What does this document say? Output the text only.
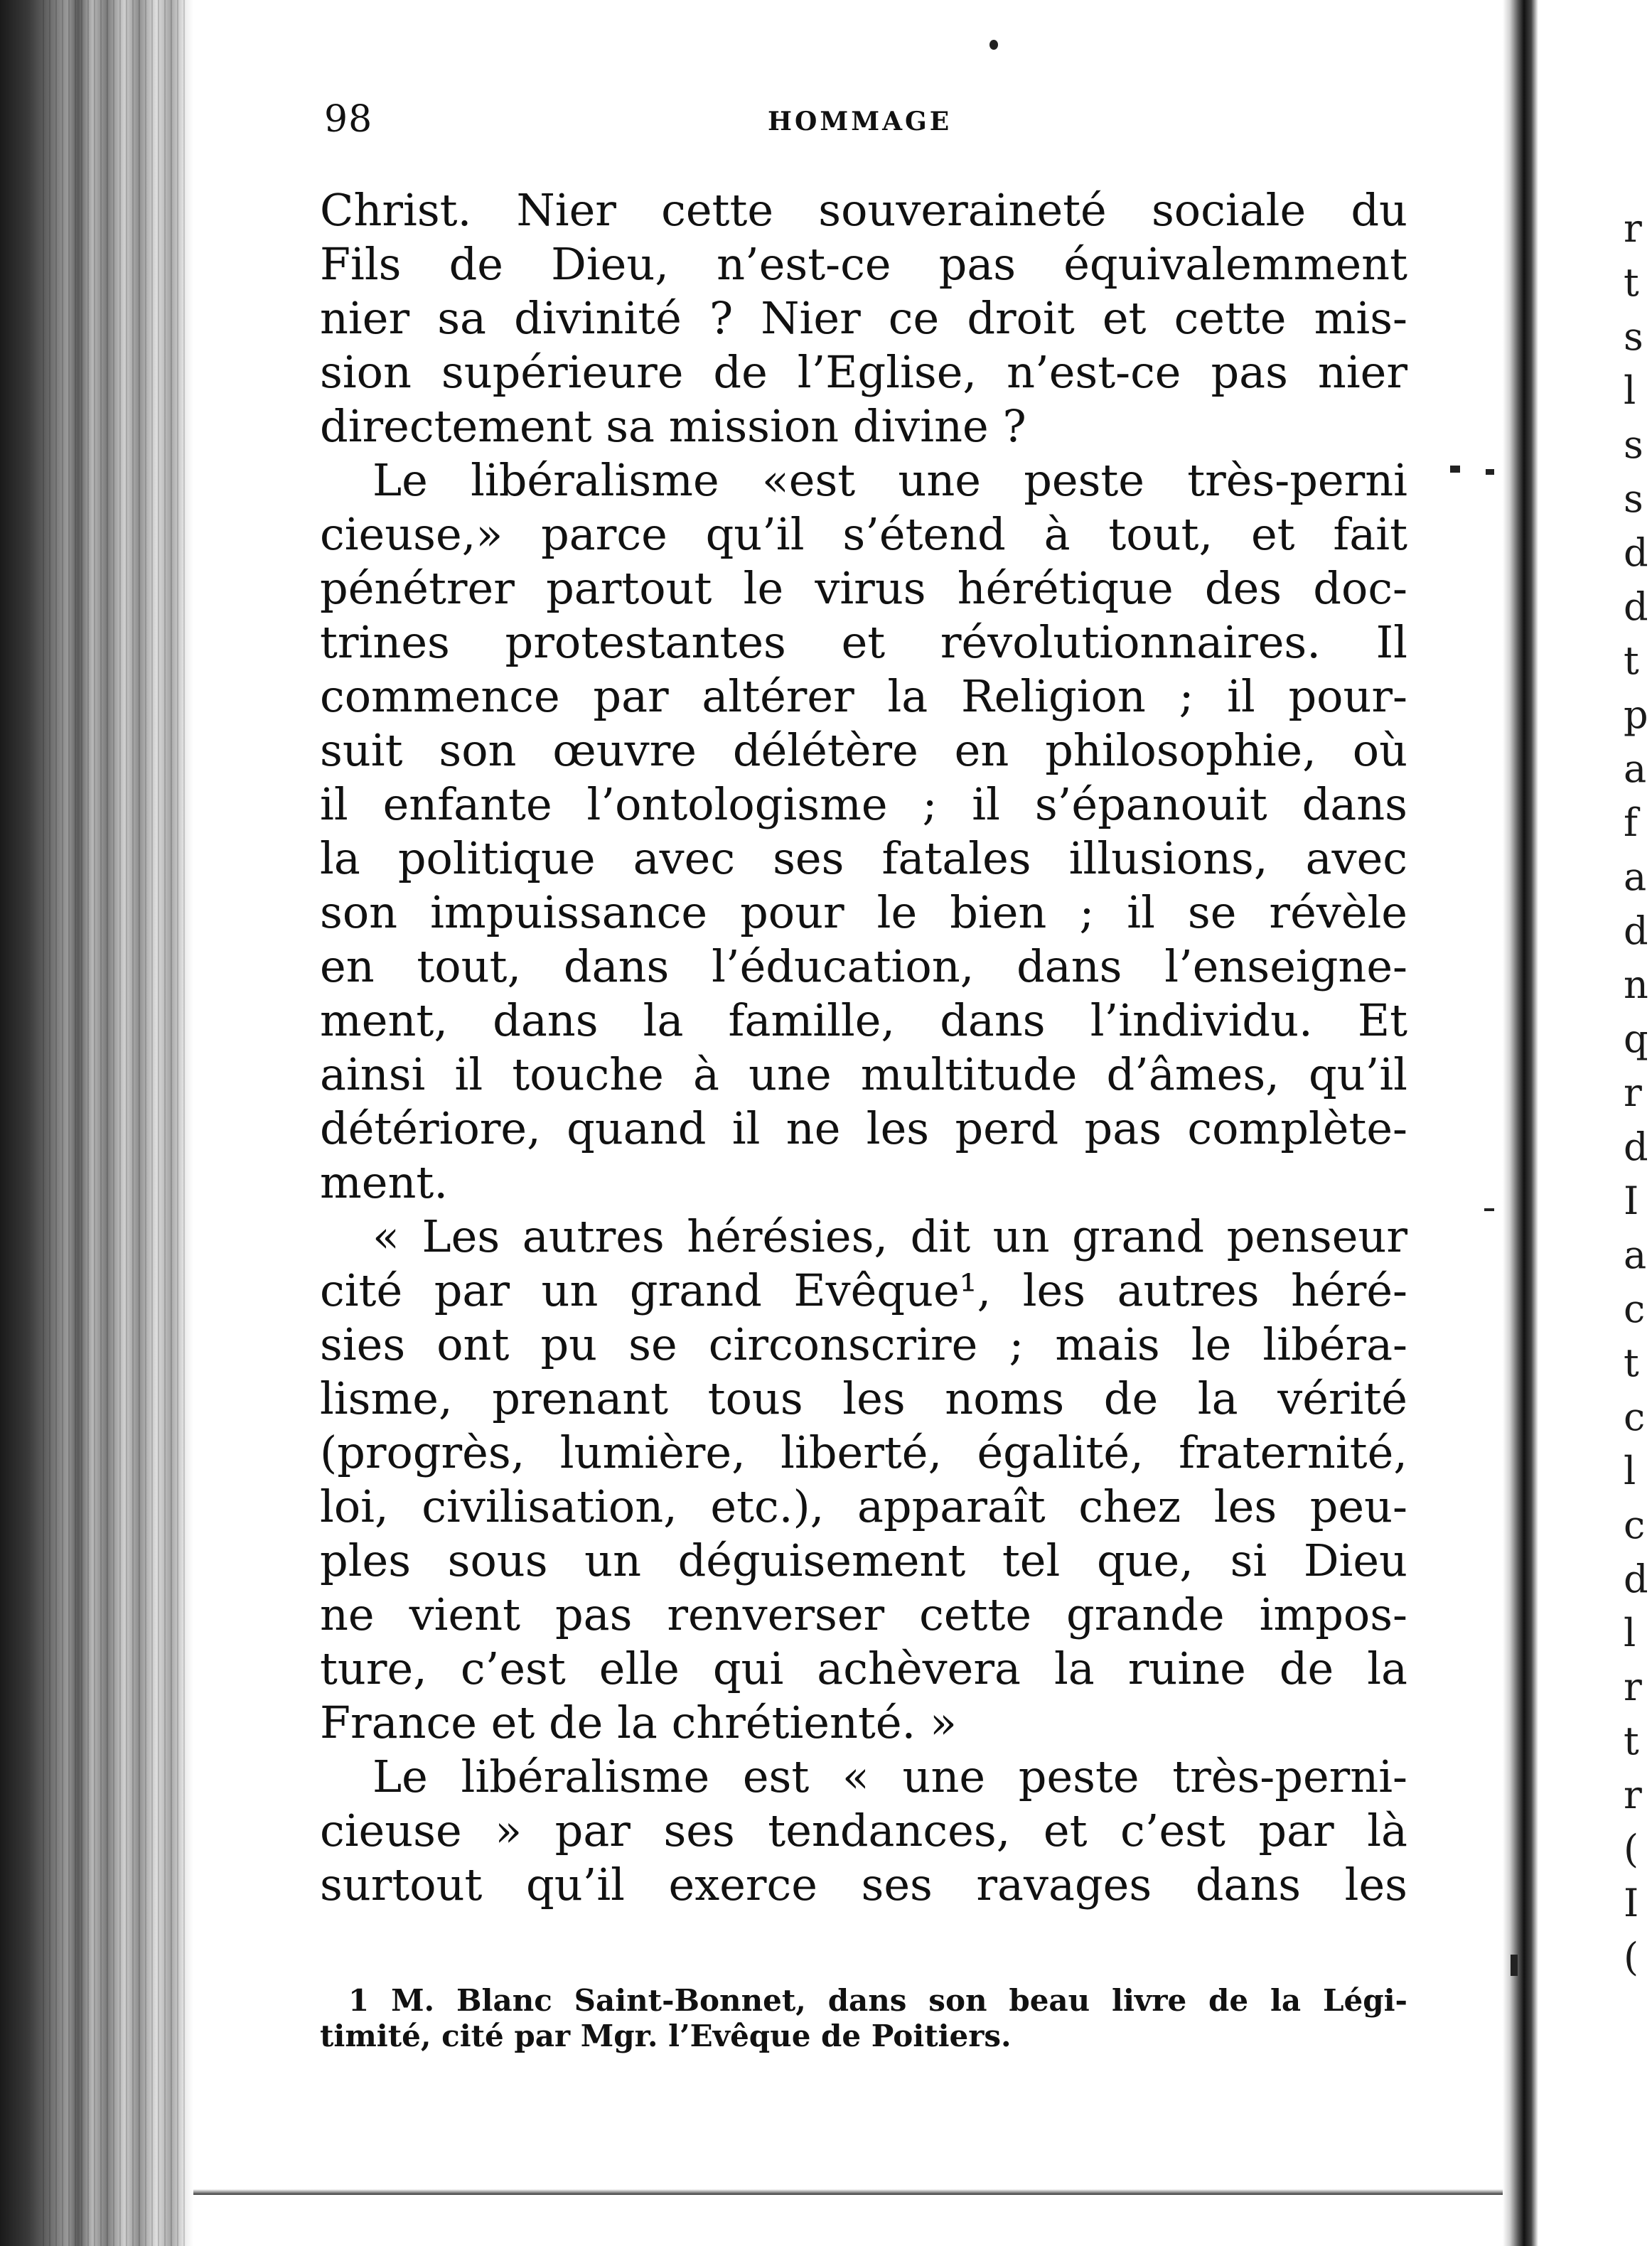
r
t
s
l
s
s
d
d
t
p
a
f
a
d
n
q
r
d
I
a
c
t
c
l
c
d
l
r
t
r
(
I
(
98	HOMMAGE
Christ. Nier cette souveraineté sociale du
Fils de Dieu, n’est-ce pas équivalemment
nier sa divinité ? Nier ce droit et cette mis-
sion supérieure de l’Eglise, n’est-ce pas nier
directement sa mission divine ?
Le libéralisme «est une peste très-perni
cieuse,» parce qu’il s’étend à tout, et fait
pénétrer partout le virus hérétique des doc-
trines protestantes et révolutionnaires. Il
commence par altérer la Religion ; il pour-
suit son œuvre délétère en philosophie, où
il enfante l’ontologisme ; il s’épanouit dans
la politique avec ses fatales illusions, avec
son impuissance pour le bien ; il se révèle
en tout, dans l’éducation, dans l’enseigne-
ment, dans la famille, dans l’individu. Et
ainsi il touche à une multitude d’âmes, qu’il
détériore, quand il ne les perd pas complète-
ment.
« Les autres hérésies, dit un grand penseur
cité par un grand Evêque¹, les autres héré-
sies ont pu se circonscrire ; mais le libéra-
lisme, prenant tous les noms de la vérité
(progrès, lumière, liberté, égalité, fraternité,
loi, civilisation, etc.), apparaît chez les peu-
ples sous un déguisement tel que, si Dieu
ne vient pas renverser cette grande impos-
ture, c’est elle qui achèvera la ruine de la
France et de la chrétienté. »
Le libéralisme est « une peste très-perni-
cieuse » par ses tendances, et c’est par là
surtout qu’il exerce ses ravages dans les
1 M. Blanc Saint-Bonnet, dans son beau livre de la Légi-
timité, cité par Mgr. l’Evêque de Poitiers.
